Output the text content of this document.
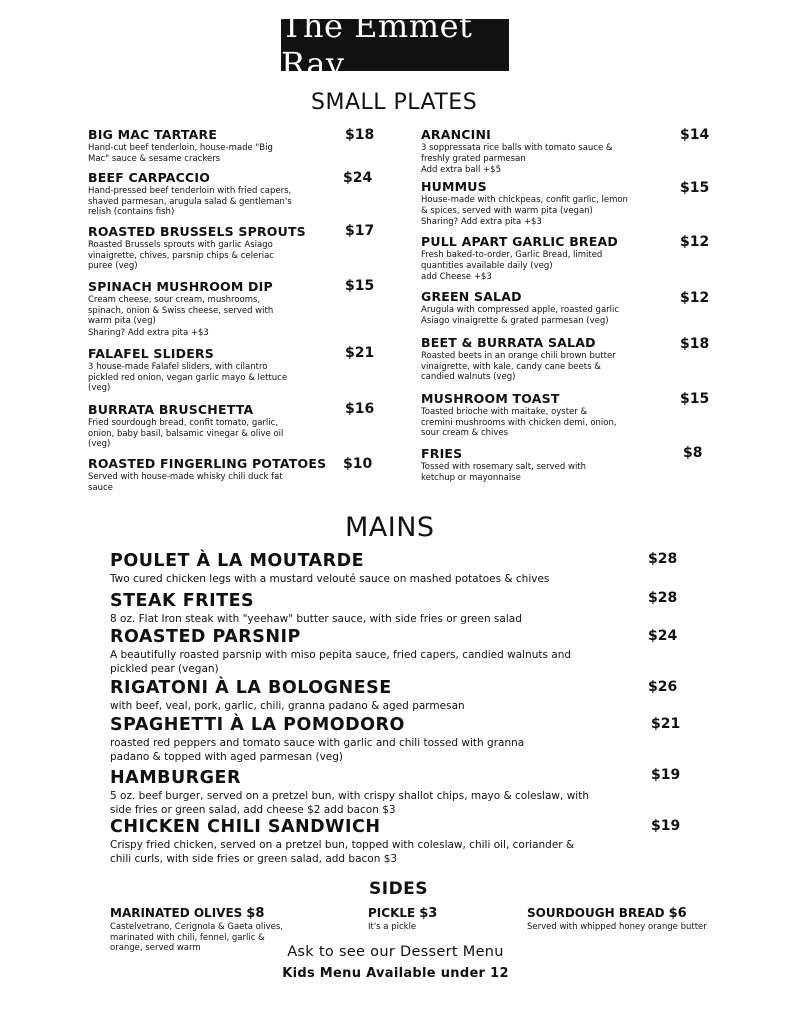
The Emmet Ray
SMALL PLATES
BIG MAC TARTARE
Hand-cut beef tenderloin, house-made "Big Mac" sauce & sesame crackers
$18
BEEF CARPACCIO
Hand-pressed beef tenderloin with fried capers, shaved parmesan, arugula salad & gentleman's relish (contains fish)
$24
ROASTED BRUSSELS SPROUTS
Roasted Brussels sprouts with garlic Asiago vinaigrette, chives, parsnip chips & celeriac puree (veg)
$17
SPINACH MUSHROOM DIP
Cream cheese, sour cream, mushrooms, spinach, onion & Swiss cheese, served with warm pita (veg)
Sharing? Add extra pita +$3
$15
FALAFEL SLIDERS
3 house-made Falafel sliders, with cilantro pickled red onion, vegan garlic mayo & lettuce (veg)
$21
BURRATA BRUSCHETTA
Fried sourdough bread, confit tomato, garlic, onion, baby basil, balsamic vinegar & olive oil (veg)
$16
ROASTED FINGERLING POTATOES
Served with house-made whisky chili duck fat sauce
$10
ARANCINI
3 soppressata rice balls with tomato sauce & freshly grated parmesan
Add extra ball +$5
$14
HUMMUS
House-made with chickpeas, confit garlic, lemon & spices, served with warm pita (vegan)
Sharing? Add extra pita +$3
$15
PULL APART GARLIC BREAD
Fresh baked-to-order, Garlic Bread, limited quantities available daily (veg)
add Cheese +$3
$12
GREEN SALAD
Arugula with compressed apple, roasted garlic Asiago vinaigrette & grated parmesan (veg)
$12
BEET & BURRATA SALAD
Roasted beets in an orange chili brown butter vinaigrette, with kale, candy cane beets & candied walnuts (veg)
$18
MUSHROOM TOAST
Toasted brioche with maitake, oyster & cremini mushrooms with chicken demi, onion, sour cream & chives
$15
FRIES
Tossed with rosemary salt, served with ketchup or mayonnaise
$8
MAINS
POULET À LA MOUTARDE
Two cured chicken legs with a mustard velouté sauce on mashed potatoes & chives
$28
STEAK FRITES
8 oz. Flat Iron steak with "yeehaw" butter sauce, with side fries or green salad
$28
ROASTED PARSNIP
A beautifully roasted parsnip with miso pepita sauce, fried capers, candied walnuts and pickled pear (vegan)
$24
RIGATONI À LA BOLOGNESE
with beef, veal, pork, garlic, chili, granna padano & aged parmesan
$26
SPAGHETTI À LA POMODORO
roasted red peppers and tomato sauce with garlic and chili tossed with granna padano & topped with aged parmesan (veg)
$21
HAMBURGER
5 oz. beef burger, served on a pretzel bun, with crispy shallot chips, mayo & coleslaw, with side fries or green salad, add cheese $2 add bacon $3
$19
CHICKEN CHILI SANDWICH
Crispy fried chicken, served on a pretzel bun, topped with coleslaw, chili oil, coriander & chili curls, with side fries or green salad, add bacon $3
$19
SIDES
MARINATED OLIVES $8
Castelvetrano, Cerignola & Gaeta olives, marinated with chili, fennel, garlic & orange, served warm
PICKLE $3
It's a pickle
SOURDOUGH BREAD $6
Served with whipped honey orange butter
Ask to see our Dessert Menu
Kids Menu Available under 12
